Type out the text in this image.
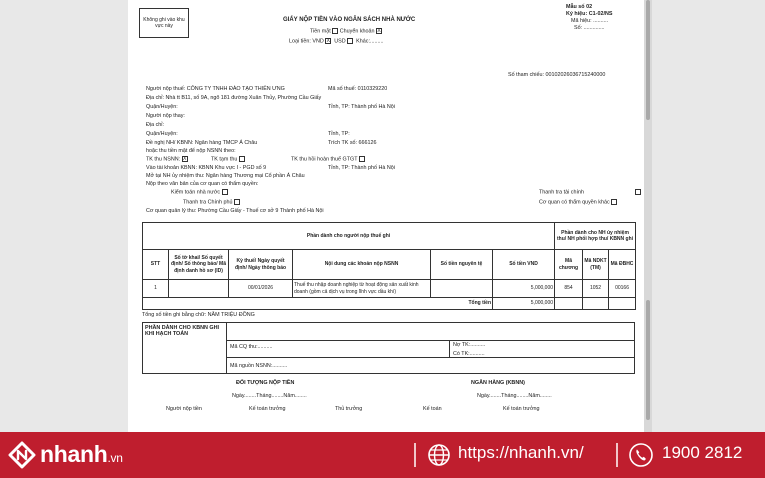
Không ghi vào khu vực này
GIẤY NỘP TIỀN VÀO NGÂN SÁCH NHÀ NƯỚC
Tiền mặt Chuyển khoản X
Loại tiền: VND X USD Khác:.........
Mẫu số 02
Ký hiệu: C1-02/NS
Mã hiệu: ..........
Số: ..............
Số tham chiếu: 00102026036715240000
Người nộp thuế: CÔNG TY TNHH ĐÀO TẠO THIÊN ƯNG	Mã số thuế: 0110329220
Địa chỉ: Nhà tt B11, số 9A, ngõ 181 đường Xuân Thủy, Phường Cầu Giấy
Quận/Huyện:	Tỉnh, TP: Thành phố Hà Nội
Người nộp thay:
Địa chỉ:
Quận/Huyện:	Tỉnh, TP:
Đề nghị NH/ KBNN: Ngân hàng TMCP Á Châu	Trích TK số: 666126
hoặc thu tiền mặt để nộp NSNN theo:
TK thu NSNN: X	TK tạm thu	TK thu hồi hoàn thuế GTGT
Vào tài khoản KBNN: KBNN Khu vực I - PGD số 9	Tỉnh, TP: Thành phố Hà Nội
Mở tại NH ủy nhiệm thu: Ngân hàng Thương mại Cổ phần Á Châu
Nộp theo văn bản của cơ quan có thẩm quyền:
Kiểm toán nhà nước	Thanh tra tài chính
Thanh tra Chính phủ	Cơ quan có thẩm quyền khác
Cơ quan quản lý thu: Phường Cầu Giấy - Thuế cơ sở 9 Thành phố Hà Nội
Phần dành cho người nộp thuế ghi						Phần dành cho NH ủy nhiệm thu/ NH phối hợp thu/ KBNN ghi		
STT	Số tờ khai/ Số quyết định/ Số thông báo/ Mã định danh hồ sơ (ID)	Kỳ thuế/ Ngày quyết định/ Ngày thông báo	Nội dung các khoản nộp NSNN	Số tiền nguyên tệ	Số tiền VND	Mã chương	Mã NDKT (TM)	Mã ĐBHC
1		00/01/2026	Thuế thu nhập doanh nghiệp từ hoạt động sản xuất kinh doanh (gồm cả dịch vụ trong lĩnh vực dầu khí)		5,000,000	854	1052	00166
Tổng tiền					5,000,000			
Tổng số tiền ghi bằng chữ: NĂM TRIỆU ĐỒNG
PHẦN DÀNH CHO KBNN GHI KHI HẠCH TOÁN
Mã CQ thu:..........	Nợ TK:..........
Có TK:..........
Mã nguồn NSNN:..........
ĐỐI TƯỢNG NỘP TIỀN
Ngày........Tháng........Năm........
NGÂN HÀNG (KBNN)
Ngày........Tháng........Năm........
Người nộp tiền	Kế toán trưởng	Thủ trưởng	Kế toán	Kế toán trưởng
nhanh.vn	https://nhanh.vn/	1900 2812
